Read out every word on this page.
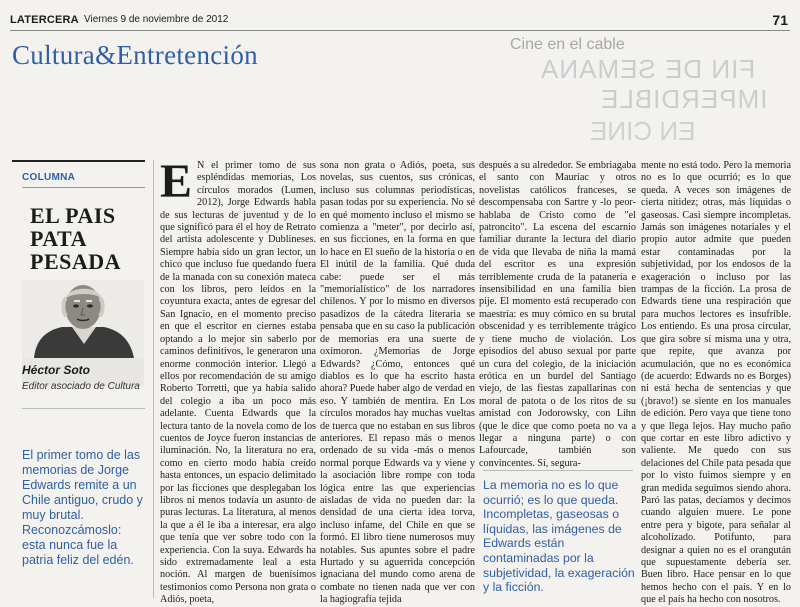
LATERCERA Viernes 9 de noviembre de 2012	71
Cultura&Entretención	Cine en el cable
FIN DE SEMANA
IMPERDIBLE
EN CINE
COLUMNA
EL PAIS
PATA
PESADA
Héctor Soto
Editor asociado de Cultura
El primer tomo de las memorias de Jorge Edwards remite a un Chile antiguo, crudo y muy brutal. Reconozcámoslo: esta nunca fue la patria feliz del edén.
E N el primer tomo de sus espléndidas memorias, Los círculos morados (Lumen, 2012), Jorge Edwards habla de sus lecturas de juventud y de lo que significó para él el hoy de Retrato del artista adolescente y Dublineses. Siempre había sido un gran lector, un chico que incluso fue quedando fuera de la manada con su conexión mateca con los libros, pero leídos en la coyuntura exacta, antes de egresar del San Ignacio, en el momento preciso en que el escritor en ciernes estaba optando a lo mejor sin saberlo por caminos definitivos, le generaron una enorme conmoción interior. Llegó a ellos por recomendación de su amigo Roberto Torretti, que ya había salido del colegio a iba un poco más adelante. Cuenta Edwards que la lectura tanto de la novela como de los cuentos de Joyce fueron instancias de iluminación. No, la literatura no era, como en cierto modo había creído hasta entonces, un espacio delimitado por las ficciones que desplegaban los libros ni menos todavía un asunto de puras lecturas. La literatura, al menos la que a él le iba a interesar, era algo que tenía que ver sobre todo con la experiencia. Con la suya. Edwards ha sido extremadamente leal a esta noción. Al margen de buenísimos testimonios como Persona non grata o Adiós, poeta,
sona non grata o Adiós, poeta, sus novelas, sus cuentos, sus crónicas, incluso sus columnas periodísticas, pasan todas por su experiencia. No sé en qué momento incluso el mismo se comienza a "meter", por decirlo así, en sus ficciones, en la forma en que lo hace en El sueño de la historia o en El inútil de la familia. Qué duda cabe: puede ser el más "memorialístico" de los narradores chilenos. Y por lo mismo en diversos pasadizos de la cátedra literaria se pensaba que en su caso la publicación de memorias era una suerte de oxímoron. ¿Memorias de Jorge Edwards? ¿Cómo, entonces qué diablos es lo que ha escrito hasta ahora? Puede haber algo de verdad en eso. Y también de mentira. En Los círculos morados hay muchas vueltas de tuerca que no estaban en sus libros anteriores. El repaso más o menos ordenado de su vida -más o menos normal porque Edwards va y viene y la asociación libre rompe con toda lógica entre las que experiencias aisladas de vida no pueden dar: la densidad de una cierta idea torva, incluso infame, del Chile en que se formó. El libro tiene numerosos muy notables. Sus apuntes sobre el padre Hurtado y su aguerrida concepción ignaciana del mundo como arena de combate no tienen nada que ver con la hagiografía tejida
después a su alrededor. Se embriagaba el santo con Mauriac y otros novelistas católicos franceses, se descompensaba con Sartre y -lo peor- hablaba de Cristo como de "el patroncito". La escena del escarnio familiar durante la lectura del diario de vida que llevaba de niña la mamá del escritor es una expresión terriblemente cruda de la patanería e insensibilidad en una familia bien pije. El momento está recuperado con maestría: es muy cómico en su brutal obscenidad y es terriblemente trágico y tiene mucho de violación. Los episodios del abuso sexual por parte un cura del colegio, de la iniciación erótica en un burdel del Santiago viejo, de las fiestas zapallarinas con moral de patota o de los ritos de su amistad con Jodorowsky, con Lihn (que le dice que como poeta no va a llegar a ninguna parte) o con Lafourcade, también son convincentes. Sí, segura-
mente no está todo. Pero la memoria no es lo que ocurrió; es lo que queda. A veces son imágenes de cierta nitidez; otras, más líquidas o gaseosas. Casi siempre incompletas. Jamás son imágenes notariales y el propio autor admite que pueden estar contaminadas por la subjetividad, por los endosos de la exageración o incluso por las trampas de la ficción. La prosa de Edwards tiene una respiración que para muchos lectores es insufrible. Los entiendo. Es una prosa circular, que gira sobre sí misma una y otra, que repite, que avanza por acumulación, que no es económica (de acuerdo: Edwards no es Borges) ni está hecha de sentencias y que (¡bravo!) se siente en los manuales de edición. Pero vaya que tiene tono y que llega lejos. Hay mucho paño que cortar en este libro adictivo y valiente. Me quedo con sus delaciones del Chile pata pesada que por lo visto fuimos siempre y en gran medida seguimos siendo ahora. Paró las patas, decíamos y decímos cuando alguien muere. Le pone entre pera y bigote, para señalar al alcoholizado. Potifunto, para designar a quien no es el orangután que supuestamente debería ser. Buen libro. Hace pensar en lo que hemos hecho con el país. Y en lo que el país ha hecho con nosotros.
La memoria no es lo que ocurrió; es lo que queda. Incompletas, gaseosas o líquidas, las imágenes de Edwards están contaminadas por la subjetividad, la exageración y la ficción.
